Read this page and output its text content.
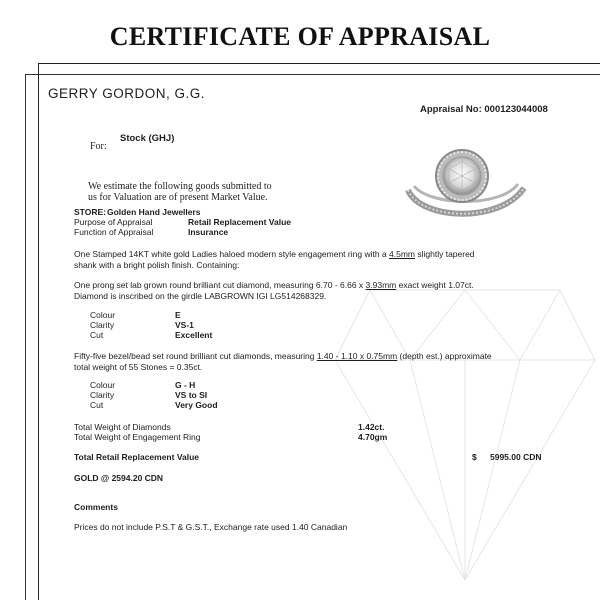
CERTIFICATE OF APPRAISAL
GERRY GORDON, G.G.
Appraisal No: 000123044008
Stock (GHJ)
For:
We estimate the following goods submitted to
us for Valuation are of present Market Value.
STORE: Golden Hand Jewellers
Purpose of Appraisal	Retail Replacement Value
Function of Appraisal	Insurance
One Stamped 14KT white gold Ladies haloed modern style engagement ring with a 4.5mm slightly tapered
shank with a bright polish finish. Containing:
One prong set lab grown round brilliant cut diamond, measuring 6.70 - 6.66 x 3.93mm exact weight 1.07ct.
Diamond is inscribed on the girdle LABGROWN IGI LG514268329.
Colour	E
Clarity	VS-1
Cut	Excellent
Fifty-five bezel/bead set round brilliant cut diamonds, measuring 1.40 - 1.10 x 0.75mm (depth est.) approximate
total weight of 55 Stones = 0.35ct.
Colour	G - H
Clarity	VS to SI
Cut	Very Good
Total Weight of Diamonds	1.42ct.
Total Weight of Engagement Ring	4.70gm
Total Retail Replacement Value	$ 5995.00 CDN
GOLD @ 2594.20 CDN
Comments
Prices do not include P.S.T & G.S.T., Exchange rate used 1.40 Canadian
